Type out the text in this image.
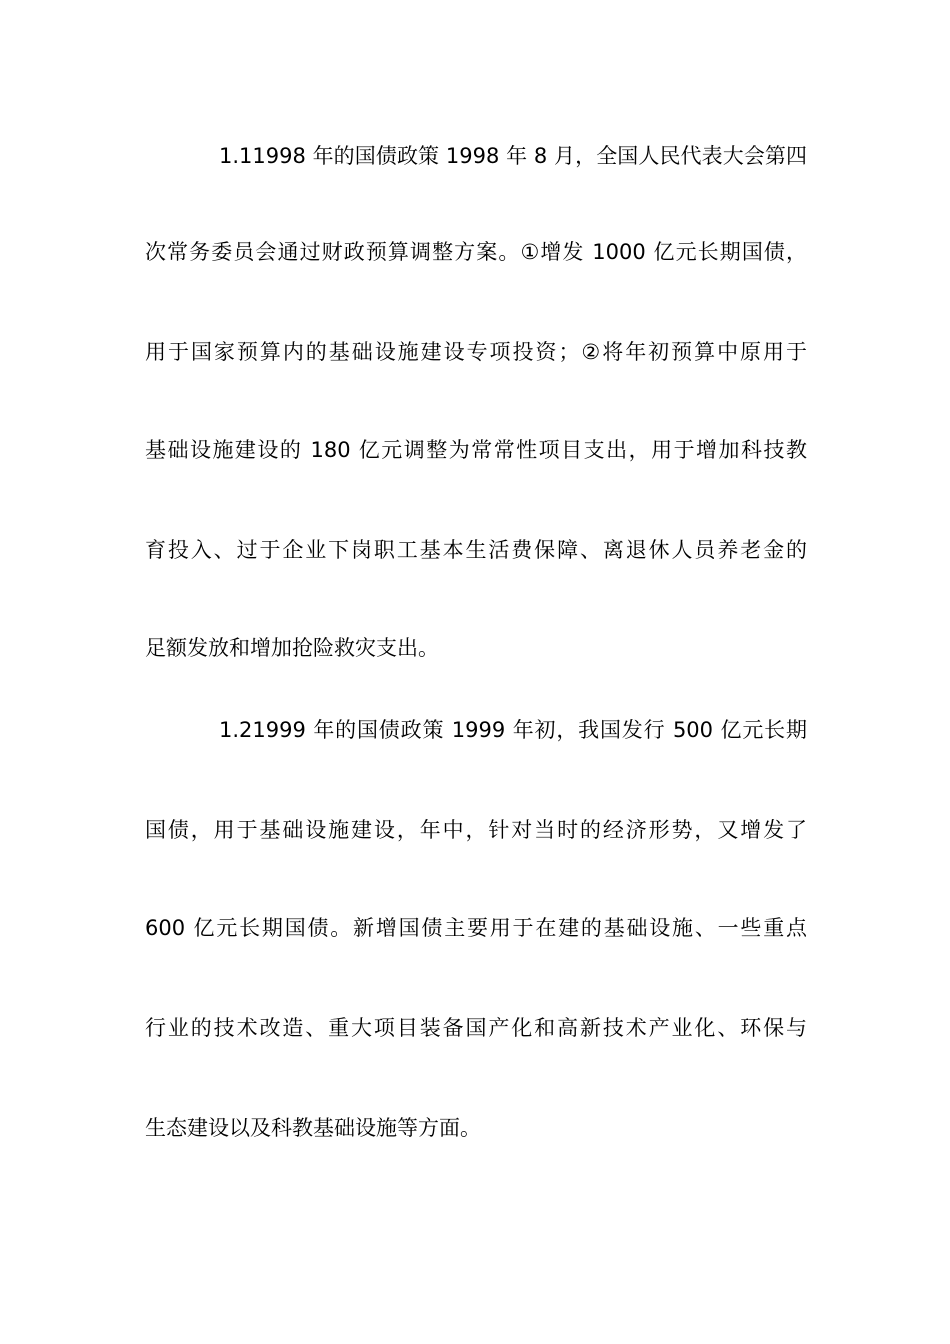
1.11998 年的国债政策 1998 年 8 月，全国人民代表大会第四
次常务委员会通过财政预算调整方案。①增发 1000 亿元长期国债，
用于国家预算内的基础设施建设专项投资；②将年初预算中原用于
基础设施建设的 180 亿元调整为常常性项目支出，用于增加科技教
育投入、过于企业下岗职工基本生活费保障、离退休人员养老金的
足额发放和增加抢险救灾支出。
1.21999 年的国债政策 1999 年初，我国发行 500 亿元长期
国债，用于基础设施建设，年中，针对当时的经济形势，又增发了
600 亿元长期国债。新增国债主要用于在建的基础设施、一些重点
行业的技术改造、重大项目装备国产化和高新技术产业化、环保与
生态建设以及科教基础设施等方面。
